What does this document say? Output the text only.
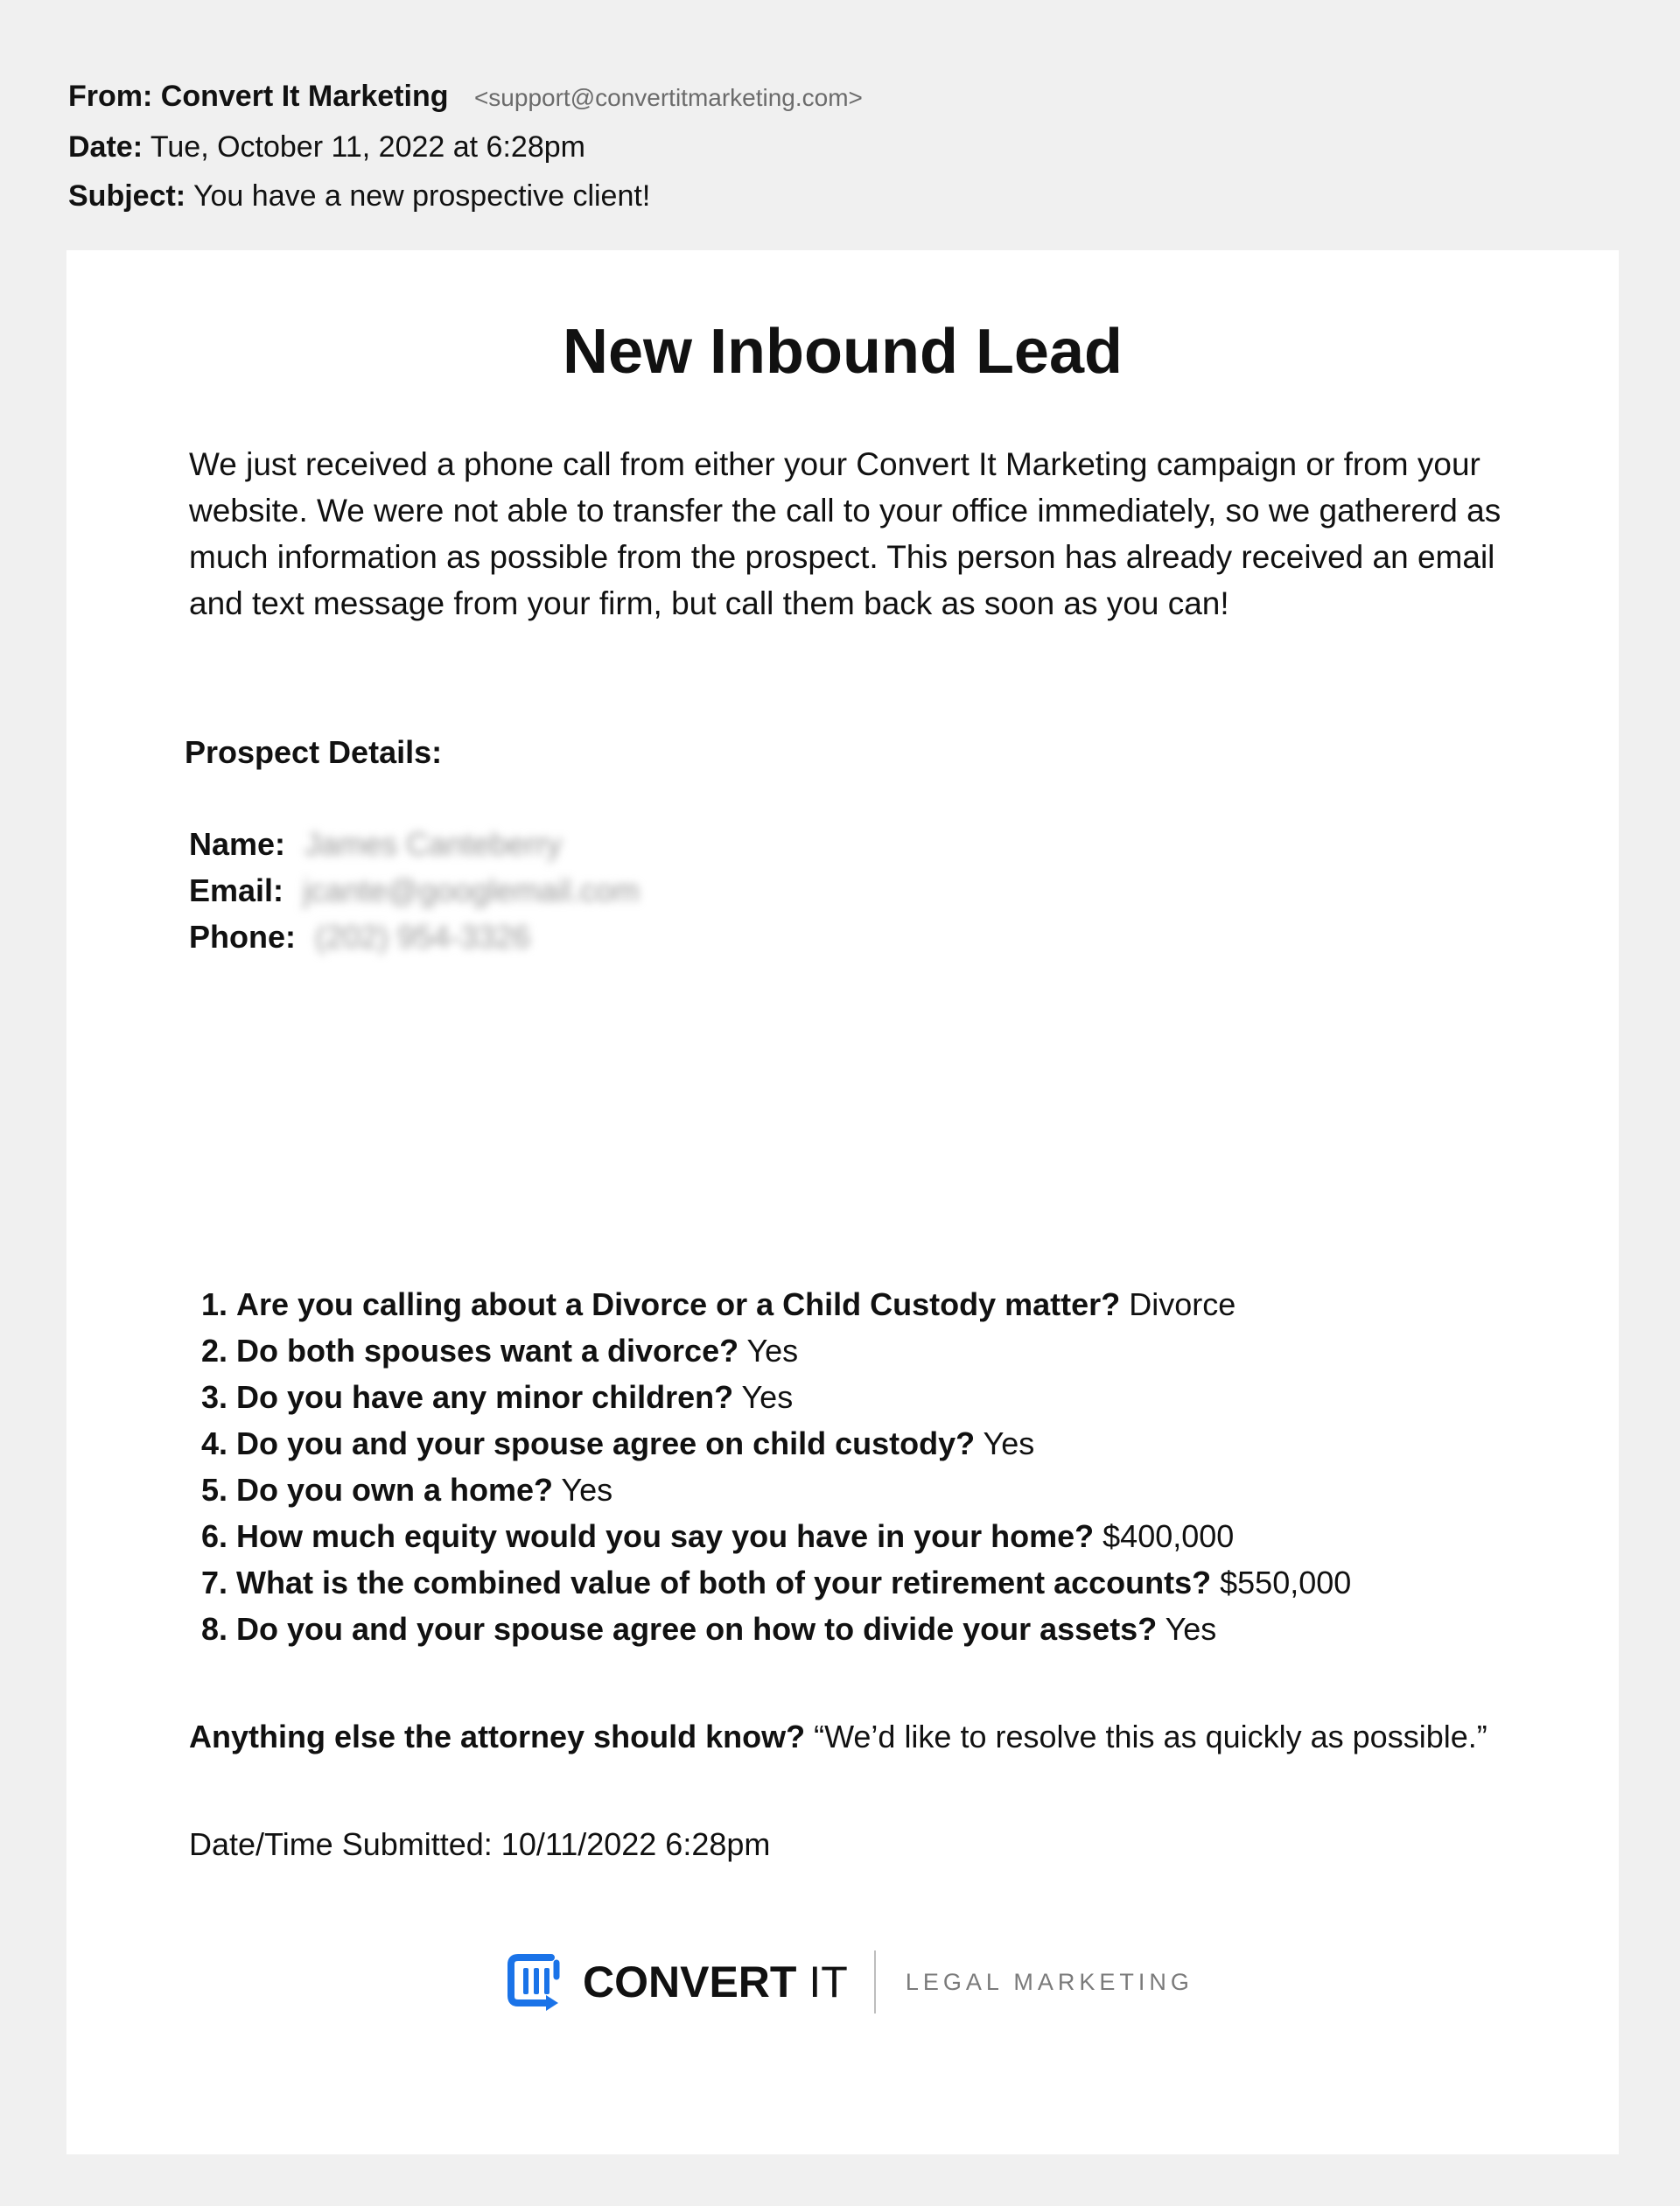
From: Convert It Marketing <support@convertitmarketing.com>
Date: Tue, October 11, 2022 at 6:28pm
Subject: You have a new prospective client!
New Inbound Lead

We just received a phone call from either your Convert It Marketing campaign or from your website. We were not able to transfer the call to your office immediately, so we gathererd as much information as possible from the prospect. This person has already received an email and text message from your firm, but call them back as soon as you can!

Prospect Details:
Name: James Canteberry
Email: jcante@googlemail.com
Phone: (202) 954-3326
1. Are you calling about a Divorce or a Child Custody matter? Divorce
2. Do both spouses want a divorce? Yes
3. Do you have any minor children? Yes
4. Do you and your spouse agree on child custody? Yes
5. Do you own a home? Yes
6. How much equity would you say you have in your home? $400,000
7. What is the combined value of both of your retirement accounts? $550,000
8. Do you and your spouse agree on how to divide your assets? Yes

Anything else the attorney should know? “We’d like to resolve this as quickly as possible.”

Date/Time Submitted: 10/11/2022 6:28pm

CONVERT IT LEGAL MARKETING
